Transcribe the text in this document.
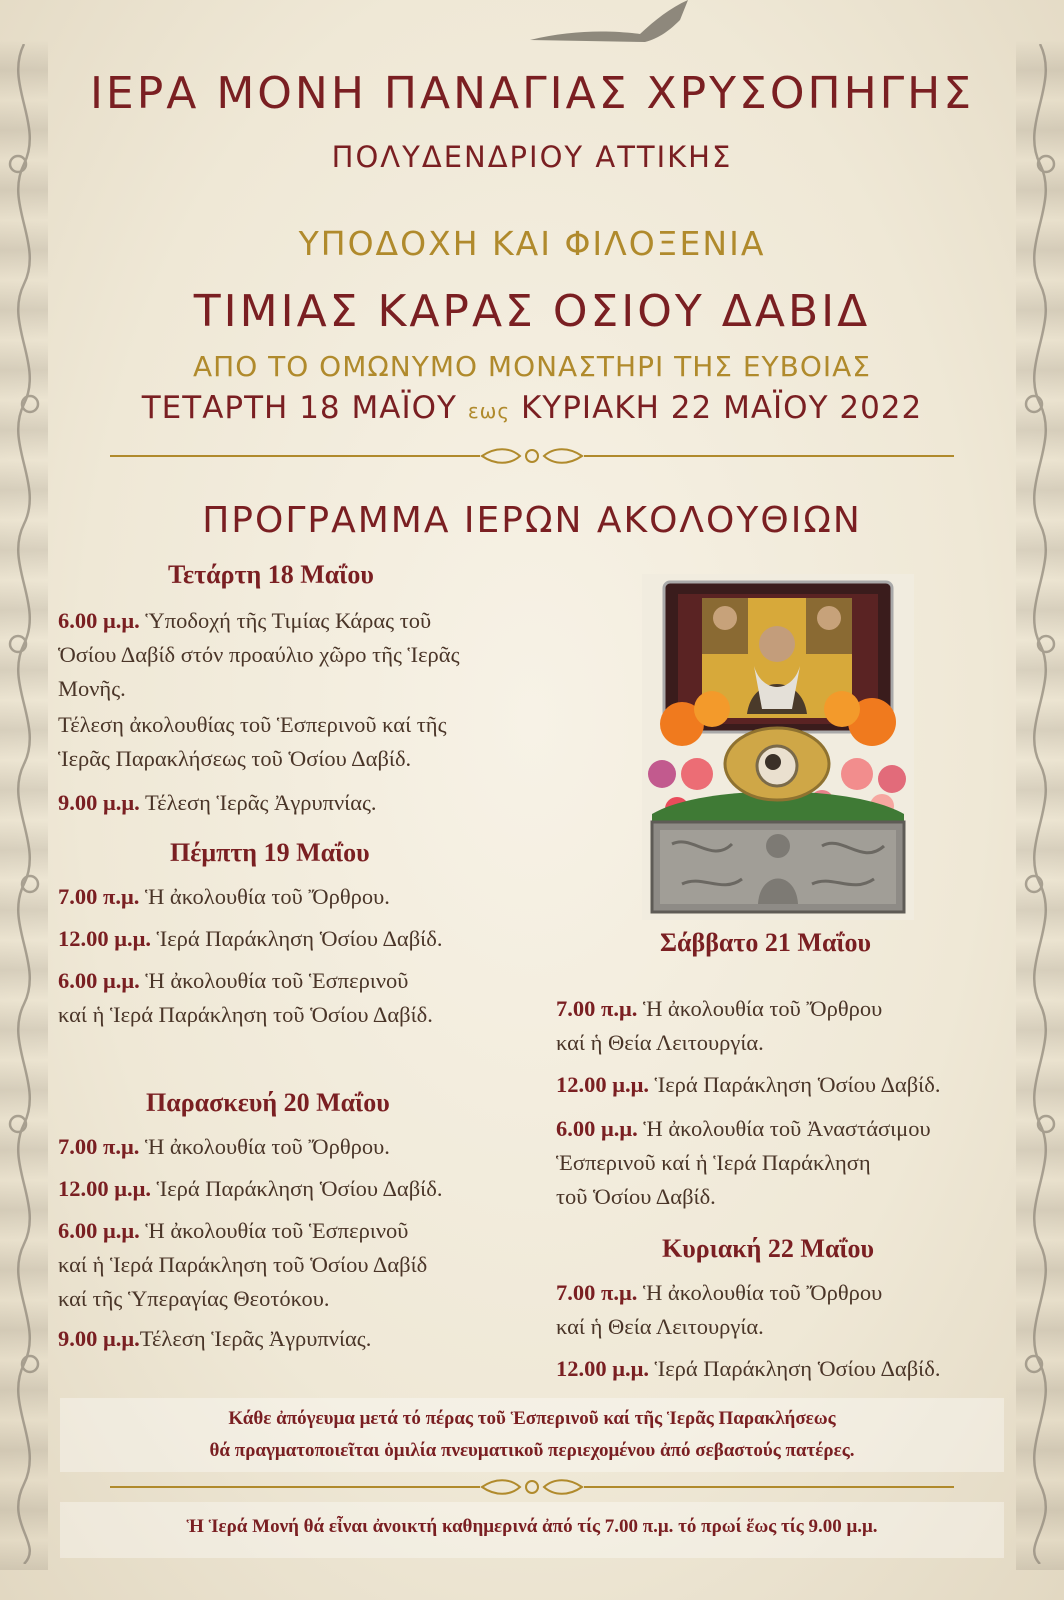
ΙΕΡΑ ΜΟΝΗ ΠΑΝΑΓΙΑΣ ΧΡΥΣΟΠΗΓΗΣ
ΠΟΛΥΔΕΝΔΡΙΟΥ ΑΤΤΙΚΗΣ
ΥΠΟΔΟΧΗ ΚΑΙ ΦΙΛΟΞΕΝΙΑ
ΤΙΜΙΑΣ ΚΑΡΑΣ ΟΣΙΟΥ ΔΑΒΙΔ
ΑΠΟ ΤΟ ΟΜΩΝΥΜΟ ΜΟΝΑΣΤΗΡΙ ΤΗΣ ΕΥΒΟΙΑΣ
ΤΕΤΑΡΤΗ 18 ΜΑΪΟΥ εως ΚΥΡΙΑΚΗ 22 ΜΑΪΟΥ 2022
ΠΡΟΓΡΑΜΜΑ ΙΕΡΩΝ ΑΚΟΛΟΥΘΙΩΝ
Τετάρτη 18 Μαΐου
6.00 μ.μ. Ὑποδοχή τῆς Τιμίας Κάρας τοῦ
Ὁσίου Δαβίδ στόν προαύλιο χῶρο τῆς Ἱερᾶς
Μονῆς.
Τέλεση ἀκολουθίας τοῦ Ἑσπερινοῦ καί τῆς
Ἱερᾶς Παρακλήσεως τοῦ Ὁσίου Δαβίδ.
9.00 μ.μ. Τέλεση Ἱερᾶς Ἀγρυπνίας.
Πέμπτη 19 Μαΐου
7.00 π.μ. Ἡ ἀκολουθία τοῦ Ὄρθρου.
12.00 μ.μ. Ἱερά Παράκληση Ὁσίου Δαβίδ.
6.00 μ.μ. Ἡ ἀκολουθία τοῦ Ἑσπερινοῦ
καί ἡ Ἱερά Παράκληση τοῦ Ὁσίου Δαβίδ.
Παρασκευή 20 Μαΐου
7.00 π.μ. Ἡ ἀκολουθία τοῦ Ὄρθρου.
12.00 μ.μ. Ἱερά Παράκληση Ὁσίου Δαβίδ.
6.00 μ.μ. Ἡ ἀκολουθία τοῦ Ἑσπερινοῦ
καί ἡ Ἱερά Παράκληση τοῦ Ὁσίου Δαβίδ
καί τῆς Ὑπεραγίας Θεοτόκου.
9.00 μ.μ.Τέλεση Ἱερᾶς Ἀγρυπνίας.
Σάββατο 21 Μαΐου
7.00 π.μ. Ἡ ἀκολουθία τοῦ Ὄρθρου
καί ἡ Θεία Λειτουργία.
12.00 μ.μ. Ἱερά Παράκληση Ὁσίου Δαβίδ.
6.00 μ.μ. Ἡ ἀκολουθία τοῦ Ἀναστάσιμου
Ἑσπερινοῦ καί ἡ Ἱερά Παράκληση
τοῦ Ὁσίου Δαβίδ.
Κυριακή 22 Μαΐου
7.00 π.μ. Ἡ ἀκολουθία τοῦ Ὄρθρου
καί ἡ Θεία Λειτουργία.
12.00 μ.μ. Ἱερά Παράκληση Ὁσίου Δαβίδ.
Κάθε ἀπόγευμα μετά τό πέρας τοῦ Ἑσπερινοῦ καί τῆς Ἱερᾶς Παρακλήσεως
θά πραγματοποιεῖται ὁμιλία πνευματικοῦ περιεχομένου ἀπό σεβαστούς πατέρες.
Ἡ Ἱερά Μονή θά εἶναι ἀνοικτή καθημερινά ἀπό τίς 7.00 π.μ. τό πρωί ἕως τίς 9.00 μ.μ.
